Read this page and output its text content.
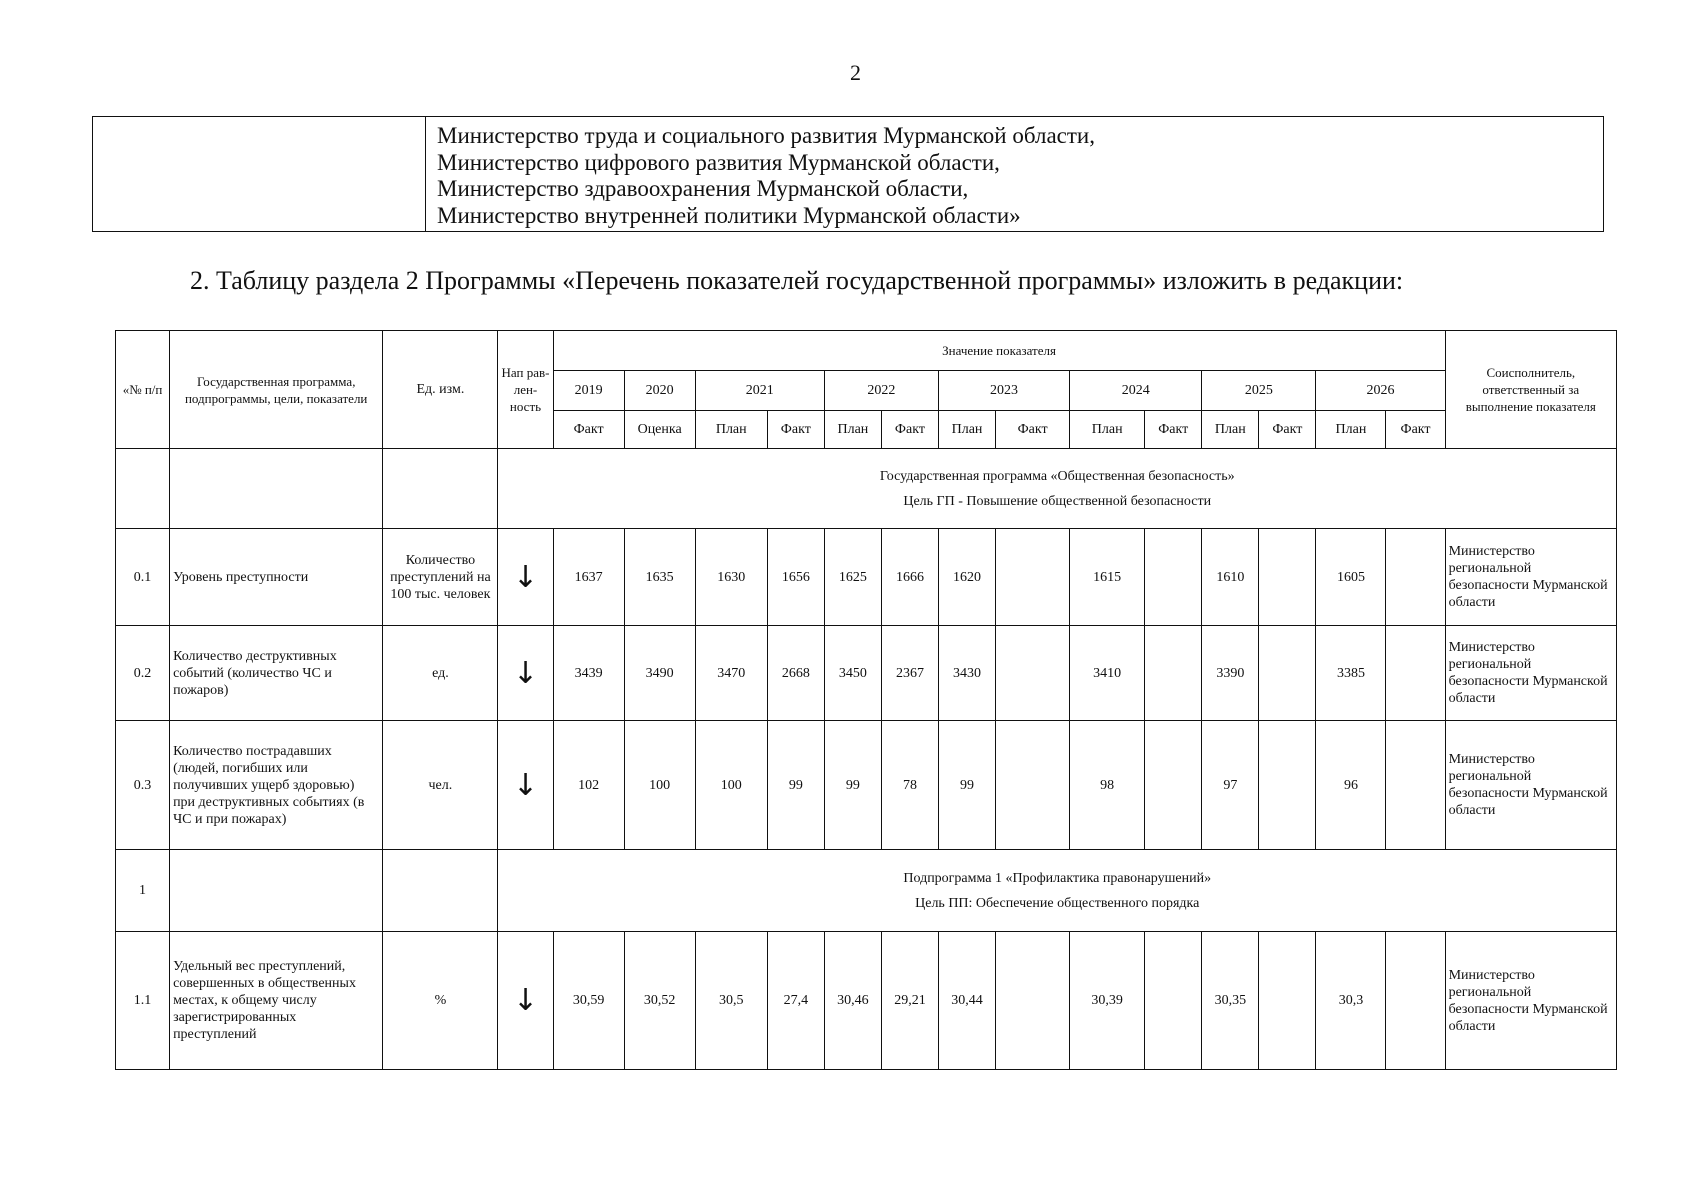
2
Министерство труда и социального развития Мурманской области,
Министерство цифрового развития Мурманской области,
Министерство здравоохранения Мурманской области,
Министерство внутренней политики Мурманской области»
2. Таблицу раздела 2 Программы «Перечень показателей государственной программы» изложить в редакции:
«№ п/п	Государственная программа, подпрограммы, цели, показатели	Ед. изм.	Нап рав- лен- ность	Значение показателя														Соисполнитель, ответственный за выполнение показателя
				2019	2020	2021		2022		2023		2024		2025		2026		
				Факт	Оценка	План	Факт	План	Факт	План	Факт	План	Факт	План	Факт	План	Факт	

			Государственная программа «Общественная безопасность»
Цель ГП - Повышение общественной безопасности															

0.1	Уровень преступности	Количество преступлений на 100 тыс. человек	↓	1637	1635	1630	1656	1625	1666	1620		1615		1610		1605		Министерство региональной безопасности Мурманской области
0.2	Количество деструктивных событий (количество ЧС и пожаров)	ед.	↓	3439	3490	3470	2668	3450	2367	3430		3410		3390		3385		Министерство региональной безопасности Мурманской области
0.3	Количество пострадавших (людей, погибших или получивших ущерб здоровью) при деструктивных событиях (в ЧС и при пожарах)	чел.	↓	102	100	100	99	99	78	99		98		97		96		Министерство региональной безопасности Мурманской области
1			Подпрограмма 1 «Профилактика правонарушений»
Цель ПП: Обеспечение общественного порядка															

1.1	Удельный вес преступлений, совершенных в общественных местах, к общему числу зарегистрированных преступлений	%	↓	30,59	30,52	30,5	27,4	30,46	29,21	30,44		30,39		30,35		30,3		Министерство региональной безопасности Мурманской области
